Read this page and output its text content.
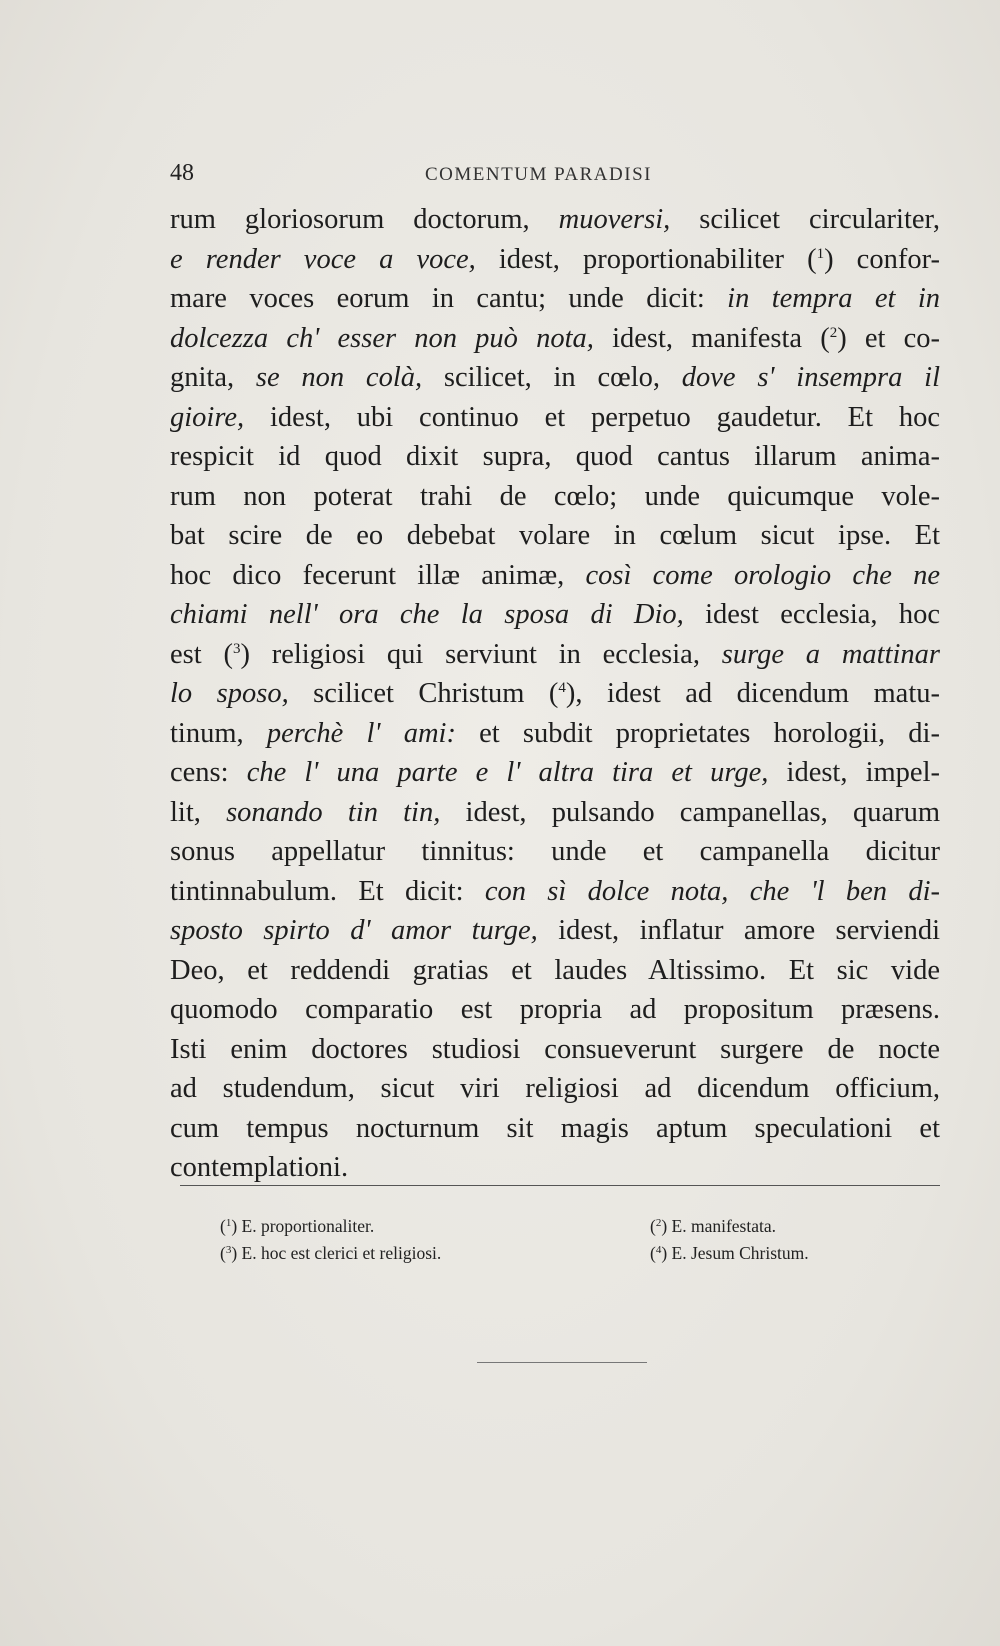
48	COMENTUM PARADISI
rum gloriosorum doctorum, muoversi, scilicet circulariter,
e render voce a voce, idest, proportionabiliter ($^1$) confor-
mare voces eorum in cantu; unde dicit: in tempra et in
dolcezza ch' esser non può nota, idest, manifesta ($^2$) et co-
gnita, se non colà, scilicet, in cœlo, dove s' insempra il
gioire, idest, ubi continuo et perpetuo gaudetur. Et hoc
respicit id quod dixit supra, quod cantus illarum anima-
rum non poterat trahi de cœlo; unde quicumque vole-
bat scire de eo debebat volare in cœlum sicut ipse. Et
hoc dico fecerunt illæ animæ, così come orologio che ne
chiami nell' ora che la sposa di Dio, idest ecclesia, hoc
est ($^3$) religiosi qui serviunt in ecclesia, surge a mattinar
lo sposo, scilicet Christum ($^4$), idest ad dicendum matu-
tinum, perchè l' ami: et subdit proprietates horologii, di-
cens: che l' una parte e l' altra tira et urge, idest, impel-
lit, sonando tin tin, idest, pulsando campanellas, quarum
sonus appellatur tinnitus: unde et campanella dicitur
tintinnabulum. Et dicit: con sì dolce nota, che 'l ben di-
sposto spirto d' amor turge, idest, inflatur amore serviendi
Deo, et reddendi gratias et laudes Altissimo. Et sic vide
quomodo comparatio est propria ad propositum præsens.
Isti enim doctores studiosi consueverunt surgere de nocte
ad studendum, sicut viri religiosi ad dicendum officium,
cum tempus nocturnum sit magis aptum speculationi et
contemplationi.
($^1$) E. proportionaliter.	($^2$) E. manifestata.
($^3$) E. hoc est clerici et religiosi.	($^4$) E. Jesum Christum.
